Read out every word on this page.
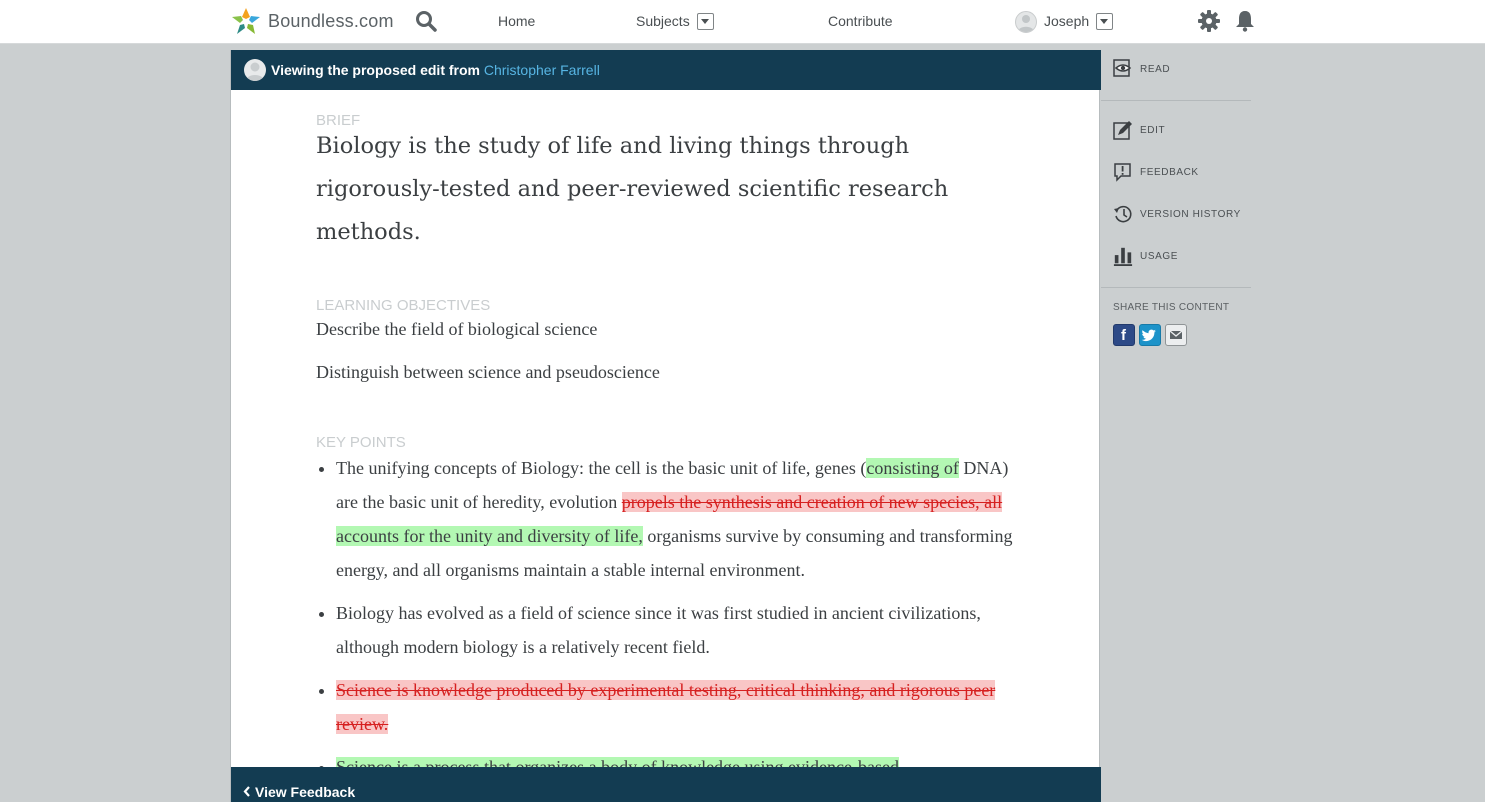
Boundless.com	Home	Subjects	Contribute	Joseph
Viewing the proposed edit from Christopher Farrell

BRIEF

Biology is the study of life and living things through rigorously-tested and peer-reviewed scientific research methods.

LEARNING OBJECTIVES

Describe the field of biological science

Distinguish between science and pseudoscience

KEY POINTS

• The unifying concepts of Biology: the cell is the basic unit of life, genes (consisting of DNA) are the basic unit of heredity, evolution propels the synthesis and creation of new species, all accounts for the unity and diversity of life, organisms survive by consuming and transforming energy, and all organisms maintain a stable internal environment.
• Biology has evolved as a field of science since it was first studied in ancient civilizations, although modern biology is a relatively recent field.
• Science is knowledge produced by experimental testing, critical thinking, and rigorous peer review.
•
View Feedback
READ
EDIT
FEEDBACK
VERSION HISTORY
USAGE
SHARE THIS CONTENT
f
